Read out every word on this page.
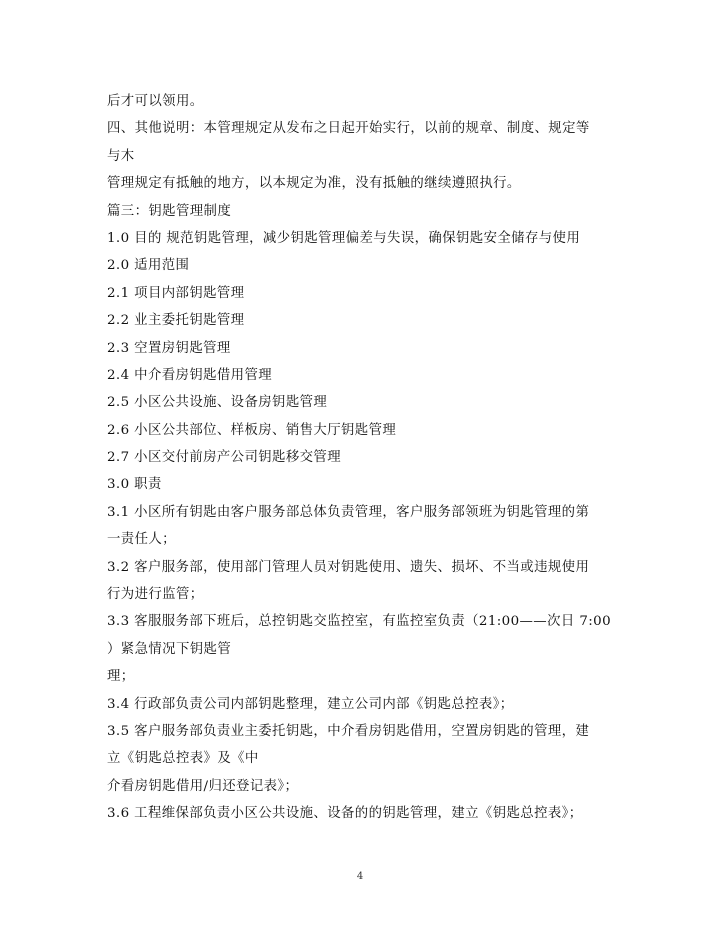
后才可以领用。
四、其他说明：本管理规定从发布之日起开始实行，以前的规章、制度、规定等
与木
管理规定有抵触的地方，以本规定为准，没有抵触的继续遵照执行。
篇三：钥匙管理制度
1.0 目的 规范钥匙管理，减少钥匙管理偏差与失误，确保钥匙安全储存与使用
2.0 适用范围
2.1 项目内部钥匙管理
2.2 业主委托钥匙管理
2.3 空置房钥匙管理
2.4 中介看房钥匙借用管理
2.5 小区公共设施、设备房钥匙管理
2.6 小区公共部位、样板房、销售大厅钥匙管理
2.7 小区交付前房产公司钥匙移交管理
3.0 职责
3.1 小区所有钥匙由客户服务部总体负责管理，客户服务部领班为钥匙管理的第
一责任人；
3.2 客户服务部，使用部门管理人员对钥匙使用、遗失、损坏、不当或违规使用
行为进行监管；
3.3 客服服务部下班后，总控钥匙交监控室，有监控室负责（21:00——次日 7:00
）紧急情况下钥匙管
理；
3.4 行政部负责公司内部钥匙整理，建立公司内部《钥匙总控表》；
3.5 客户服务部负责业主委托钥匙，中介看房钥匙借用，空置房钥匙的管理，建
立《钥匙总控表》及《中
介看房钥匙借用/归还登记表》；
3.6 工程维保部负责小区公共设施、设备的的钥匙管理，建立《钥匙总控表》；
4
